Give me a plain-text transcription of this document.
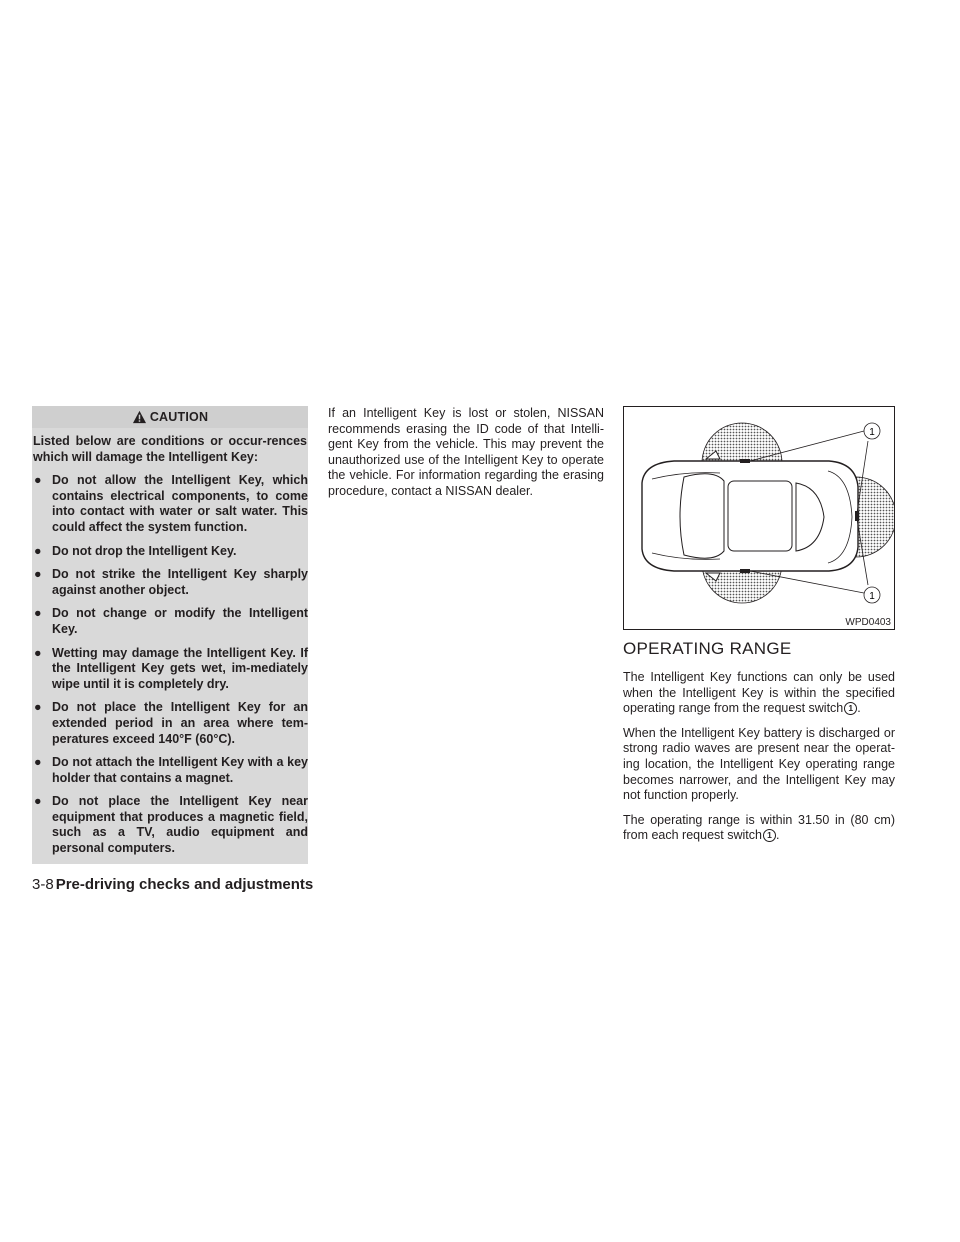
CAUTION

Listed below are conditions or occur-rences which will damage the Intelligent Key:

● Do not allow the Intelligent Key, which contains electrical components, to come into contact with water or salt water. This could affect the system function.
● Do not drop the Intelligent Key.
● Do not strike the Intelligent Key sharply against another object.
● Do not change or modify the Intelligent Key.
● Wetting may damage the Intelligent Key. If the Intelligent Key gets wet, im-mediately wipe until it is completely dry.
● Do not place the Intelligent Key for an extended period in an area where tem-peratures exceed 140°F (60°C).
● Do not attach the Intelligent Key with a key holder that contains a magnet.
● Do not place the Intelligent Key near equipment that produces a magnetic field, such as a TV, audio equipment and personal computers.

If an Intelligent Key is lost or stolen, NISSAN recommends erasing the ID code of that Intelli-gent Key from the vehicle. This may prevent the unauthorized use of the Intelligent Key to operate the vehicle. For information regarding the erasing procedure, contact a NISSAN dealer.

1
1
WPD0403
OPERATING RANGE

The Intelligent Key functions can only be used when the Intelligent Key is within the specified operating range from the request switch 1 .

When the Intelligent Key battery is discharged or strong radio waves are present near the operat-ing location, the Intelligent Key operating range becomes narrower, and the Intelligent Key may not function properly.

The operating range is within 31.50 in (80 cm) from each request switch 1 .

3-8 Pre-driving checks and adjustments
